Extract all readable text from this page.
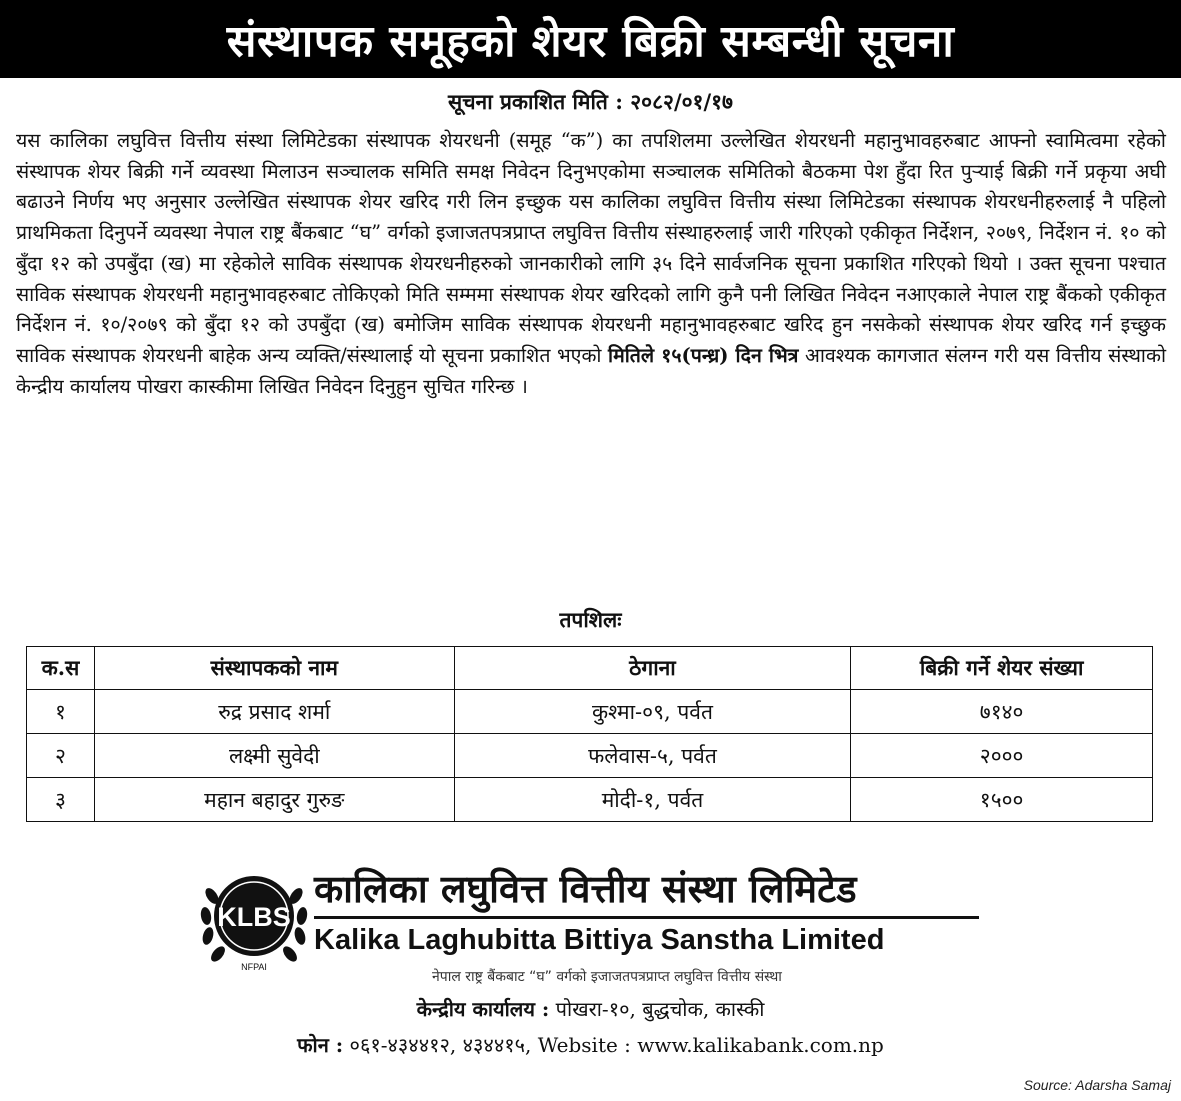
संस्थापक समूहको शेयर बिक्री सम्बन्धी सूचना
सूचना प्रकाशित मिति : २०८२/०१/१७
यस कालिका लघुवित्त वित्तीय संस्था लिमिटेडका संस्थापक शेयरधनी (समूह “क”) का तपशिलमा उल्लेखित शेयरधनी महानुभावहरुबाट आफ्नो स्वामित्वमा रहेको संस्थापक शेयर बिक्री गर्ने व्यवस्था मिलाउन सञ्चालक समिति समक्ष निवेदन दिनुभएकोमा सञ्चालक समितिको बैठकमा पेश हुँदा रित पुऱ्याई बिक्री गर्ने प्रकृया अघी बढाउने निर्णय भए अनुसार उल्लेखित संस्थापक शेयर खरिद गरी लिन इच्छुक यस कालिका लघुवित्त वित्तीय संस्था लिमिटेडका संस्थापक शेयरधनीहरुलाई नै पहिलो प्राथमिकता दिनुपर्ने व्यवस्था नेपाल राष्ट्र बैंकबाट “घ” वर्गको इजाजतपत्रप्राप्त लघुवित्त वित्तीय संस्थाहरुलाई जारी गरिएको एकीकृत निर्देशन, २०७९, निर्देशन नं. १० को बुँदा १२ को उपबुँदा (ख) मा रहेकोले साविक संस्थापक शेयरधनीहरुको जानकारीको लागि ३५ दिने सार्वजनिक सूचना प्रकाशित गरिएको थियो । उक्त सूचना पश्चात साविक संस्थापक शेयरधनी महानुभावहरुबाट तोकिएको मिति सम्ममा संस्थापक शेयर खरिदको लागि कुनै पनी लिखित निवेदन नआएकाले नेपाल राष्ट्र बैंकको एकीकृत निर्देशन नं. १०/२०७९ को बुँदा १२ को उपबुँदा (ख) बमोजिम साविक संस्थापक शेयरधनी महानुभावहरुबाट खरिद हुन नसकेको संस्थापक शेयर खरिद गर्न इच्छुक साविक संस्थापक शेयरधनी बाहेक अन्य व्यक्ति/संस्थालाई यो सूचना प्रकाशित भएको मितिले १५(पन्ध्र) दिन भित्र आवश्यक कागजात संलग्न गरी यस वित्तीय संस्थाको केन्द्रीय कार्यालय पोखरा कास्कीमा लिखित निवेदन दिनुहुन सुचित गरिन्छ ।
तपशिलः
क.स	संस्थापकको नाम	ठेगाना	बिक्री गर्ने शेयर संख्या
१	रुद्र प्रसाद शर्मा	कुश्मा-०९, पर्वत	७१४०
२	लक्ष्मी सुवेदी	फलेवास-५, पर्वत	२०००
३	महान बहादुर गुरुङ	मोदी-१, पर्वत	१५००
KLBS
NFPAI
कालिका लघुवित्त वित्तीय संस्था लिमिटेड
Kalika Laghubitta Bittiya Sanstha Limited
नेपाल राष्ट्र बैंकबाट “घ” वर्गको इजाजतपत्रप्राप्त लघुवित्त वित्तीय संस्था
केन्द्रीय कार्यालय : पोखरा-१०, बुद्धचोक, कास्की
फोन : ०६१-४३४४१२, ४३४४१५, Website : www.kalikabank.com.np
Source: Adarsha Samaj
